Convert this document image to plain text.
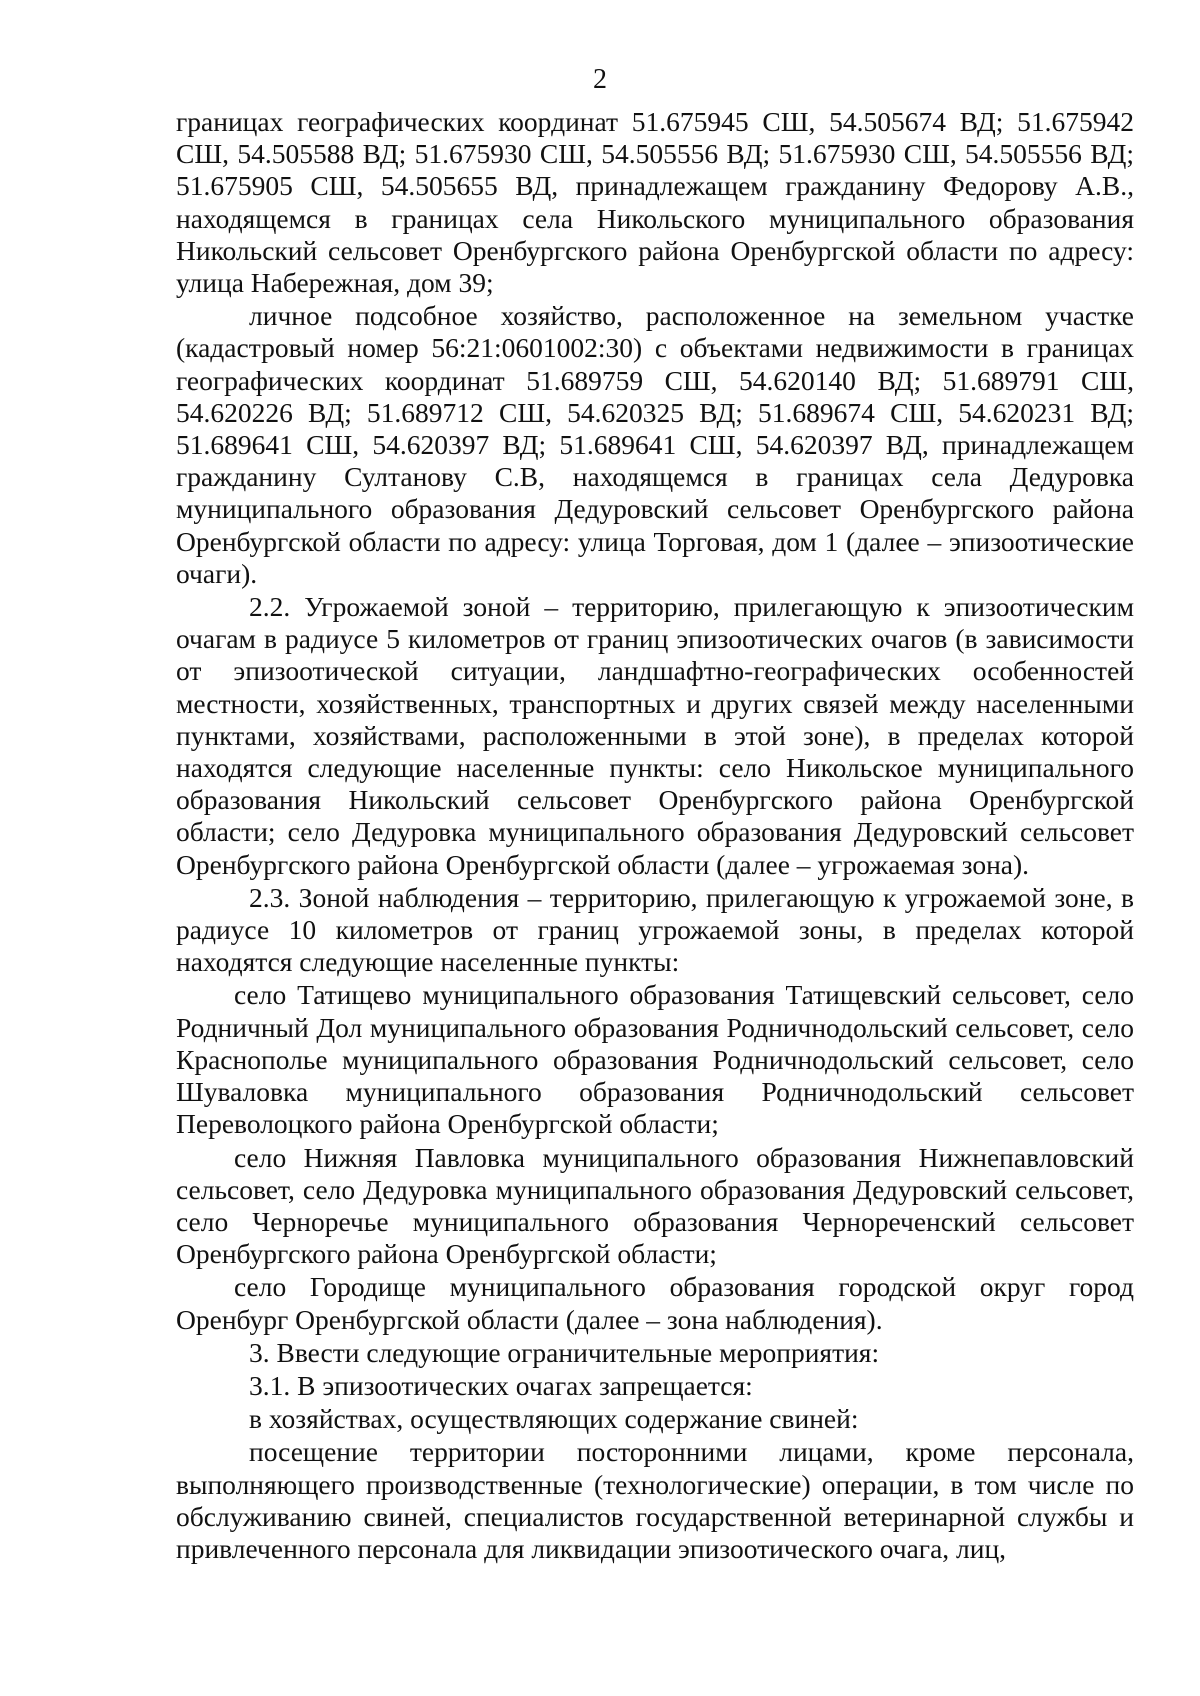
2

границах географических координат 51.675945 СШ, 54.505674 ВД; 51.675942 СШ, 54.505588 ВД; 51.675930 СШ, 54.505556 ВД; 51.675930 СШ, 54.505556 ВД; 51.675905 СШ, 54.505655 ВД, принадлежащем гражданину Федорову А.В., находящемся в границах села Никольского муниципального образования Никольский сельсовет Оренбургского района Оренбургской области по адресу: улица Набережная, дом 39;

личное подсобное хозяйство, расположенное на земельном участке (кадастровый номер 56:21:0601002:30) с объектами недвижимости в границах географических координат 51.689759 СШ, 54.620140 ВД; 51.689791 СШ, 54.620226 ВД; 51.689712 СШ, 54.620325 ВД; 51.689674 СШ, 54.620231 ВД; 51.689641 СШ, 54.620397 ВД; 51.689641 СШ, 54.620397 ВД, принадлежащем гражданину Султанову С.В, находящемся в границах села Дедуровка муниципального образования Дедуровский сельсовет Оренбургского района Оренбургской области по адресу: улица Торговая, дом 1 (далее – эпизоотические очаги).

2.2. Угрожаемой зоной – территорию, прилегающую к эпизоотическим очагам в радиусе 5 километров от границ эпизоотических очагов (в зависимости от эпизоотической ситуации, ландшафтно-географических особенностей местности, хозяйственных, транспортных и других связей между населенными пунктами, хозяйствами, расположенными в этой зоне), в пределах которой находятся следующие населенные пункты: село Никольское муниципального образования Никольский сельсовет Оренбургского района Оренбургской области; село Дедуровка муниципального образования Дедуровский сельсовет Оренбургского района Оренбургской области (далее – угрожаемая зона).

2.3. Зоной наблюдения – территорию, прилегающую к угрожаемой зоне, в радиусе 10 километров от границ угрожаемой зоны, в пределах которой находятся следующие населенные пункты:

село Татищево муниципального образования Татищевский сельсовет, село Родничный Дол муниципального образования Родничнодольский сельсовет, село Краснополье муниципального образования Родничнодольский сельсовет, село Шуваловка муниципального образования Родничнодольский сельсовет Переволоцкого района Оренбургской области;

село Нижняя Павловка муниципального образования Нижнепавловский сельсовет, село Дедуровка муниципального образования Дедуровский сельсовет, село Черноречье муниципального образования Чернореченский сельсовет Оренбургского района Оренбургской области;

село Городище муниципального образования городской округ город Оренбург Оренбургской области (далее – зона наблюдения).

3. Ввести следующие ограничительные мероприятия:

3.1. В эпизоотических очагах запрещается:

в хозяйствах, осуществляющих содержание свиней:

посещение территории посторонними лицами, кроме персонала, выполняющего производственные (технологические) операции, в том числе по обслуживанию свиней, специалистов государственной ветеринарной службы и привлеченного персонала для ликвидации эпизоотического очага, лиц,
